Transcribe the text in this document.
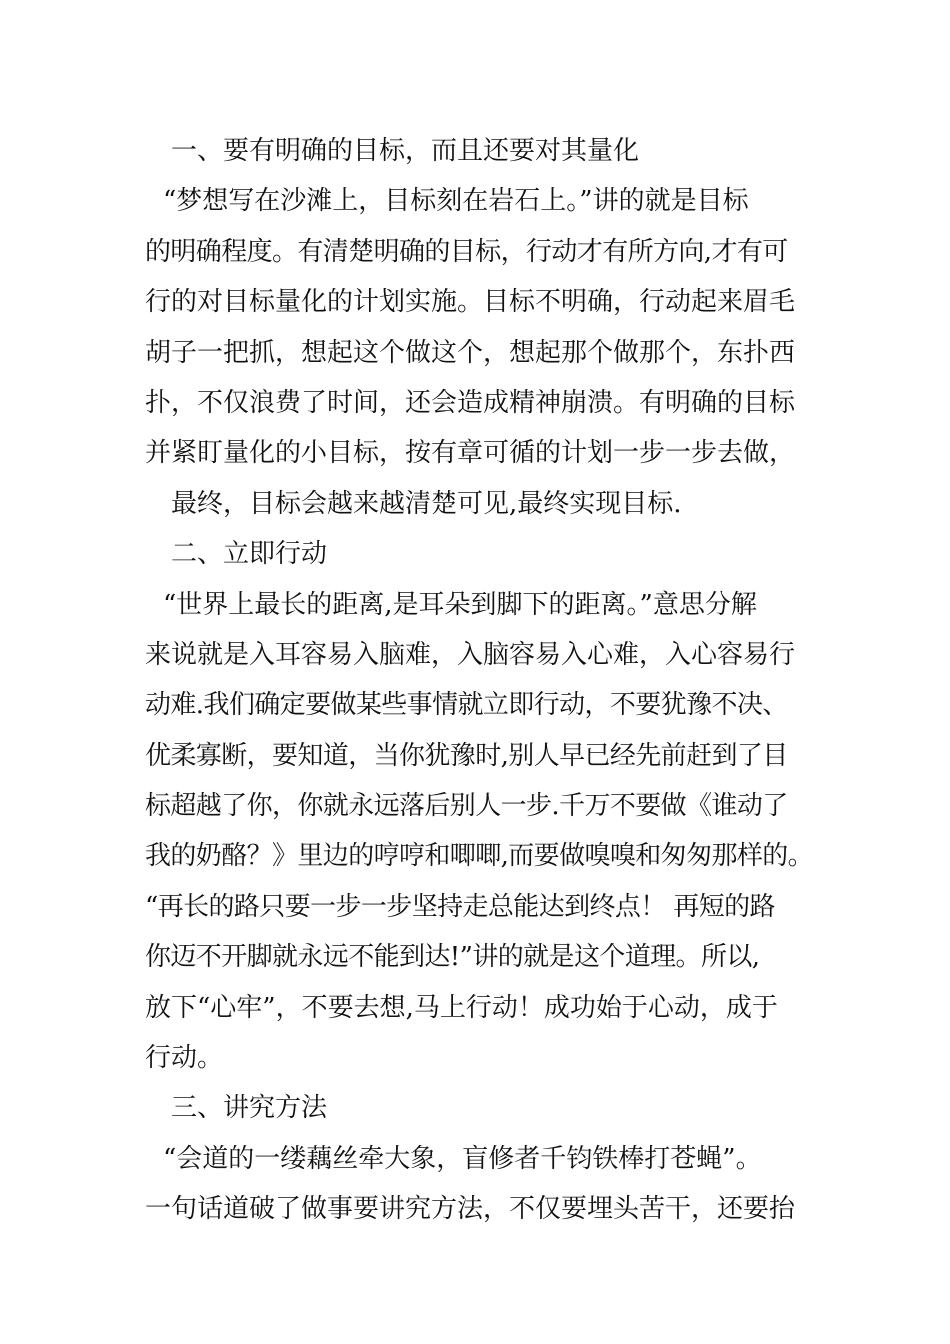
一、要有明确的目标，而且还要对其量化
“梦想写在沙滩上，目标刻在岩石上。”讲的就是目标
的明确程度。有清楚明确的目标，行动才有所方向,才有可
行的对目标量化的计划实施。目标不明确，行动起来眉毛
胡子一把抓，想起这个做这个，想起那个做那个，东扑西
扑，不仅浪费了时间，还会造成精神崩溃。有明确的目标
并紧盯量化的小目标，按有章可循的计划一步一步去做，
最终，目标会越来越清楚可见,最终实现目标.
二、立即行动
“世界上最长的距离,是耳朵到脚下的距离。”意思分解
来说就是入耳容易入脑难，入脑容易入心难，入心容易行
动难.我们确定要做某些事情就立即行动，不要犹豫不决、
优柔寡断，要知道，当你犹豫时,别人早已经先前赶到了目
标超越了你，你就永远落后别人一步.千万不要做《谁动了
我的奶酪？》里边的哼哼和唧唧,而要做嗅嗅和匆匆那样的。
“再长的路只要一步一步坚持走总能达到终点！ 再短的路
你迈不开脚就永远不能到达!”讲的就是这个道理。所以,
放下“心牢”，不要去想,马上行动！成功始于心动，成于
行动。
三、讲究方法
“会道的一缕藕丝牵大象，盲修者千钧铁棒打苍蝇”。
一句话道破了做事要讲究方法，不仅要埋头苦干，还要抬
